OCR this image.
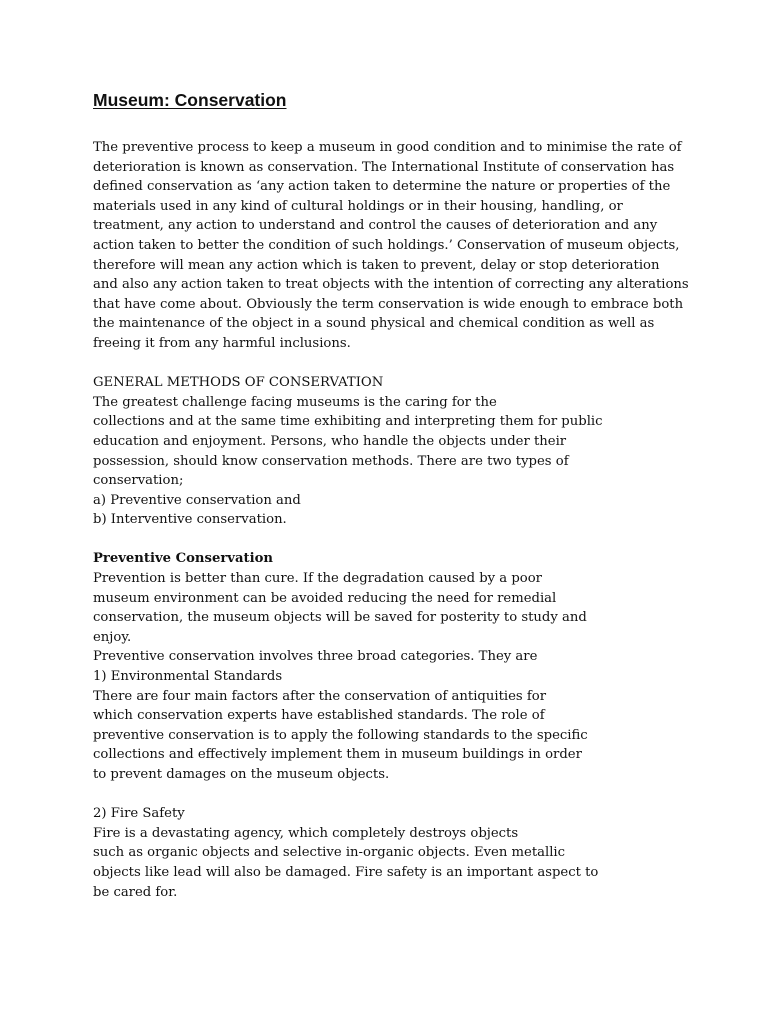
Museum: Conservation
The preventive process to keep a museum in good condition and to minimise the rate of
deterioration is known as conservation. The International Institute of conservation has
defined conservation as ‘any action taken to determine the nature or properties of the
materials used in any kind of cultural holdings or in their housing, handling, or
treatment, any action to understand and control the causes of deterioration and any
action taken to better the condition of such holdings.’ Conservation of museum objects,
therefore will mean any action which is taken to prevent, delay or stop deterioration
and also any action taken to treat objects with the intention of correcting any alterations
that have come about. Obviously the term conservation is wide enough to embrace both
the maintenance of the object in a sound physical and chemical condition as well as
freeing it from any harmful inclusions.
GENERAL METHODS OF CONSERVATION
The greatest challenge facing museums is the caring for the
collections and at the same time exhibiting and interpreting them for public
education and enjoyment. Persons, who handle the objects under their
possession, should know conservation methods. There are two types of
conservation;
a) Preventive conservation and
b) Interventive conservation.
Preventive Conservation
Prevention is better than cure. If the degradation caused by a poor
museum environment can be avoided reducing the need for remedial
conservation, the museum objects will be saved for posterity to study and
enjoy.
Preventive conservation involves three broad categories. They are
1) Environmental Standards
There are four main factors after the conservation of antiquities for
which conservation experts have established standards. The role of
preventive conservation is to apply the following standards to the specific
collections and effectively implement them in museum buildings in order
to prevent damages on the museum objects.
2) Fire Safety
Fire is a devastating agency, which completely destroys objects
such as organic objects and selective in-organic objects. Even metallic
objects like lead will also be damaged. Fire safety is an important aspect to
be cared for.
